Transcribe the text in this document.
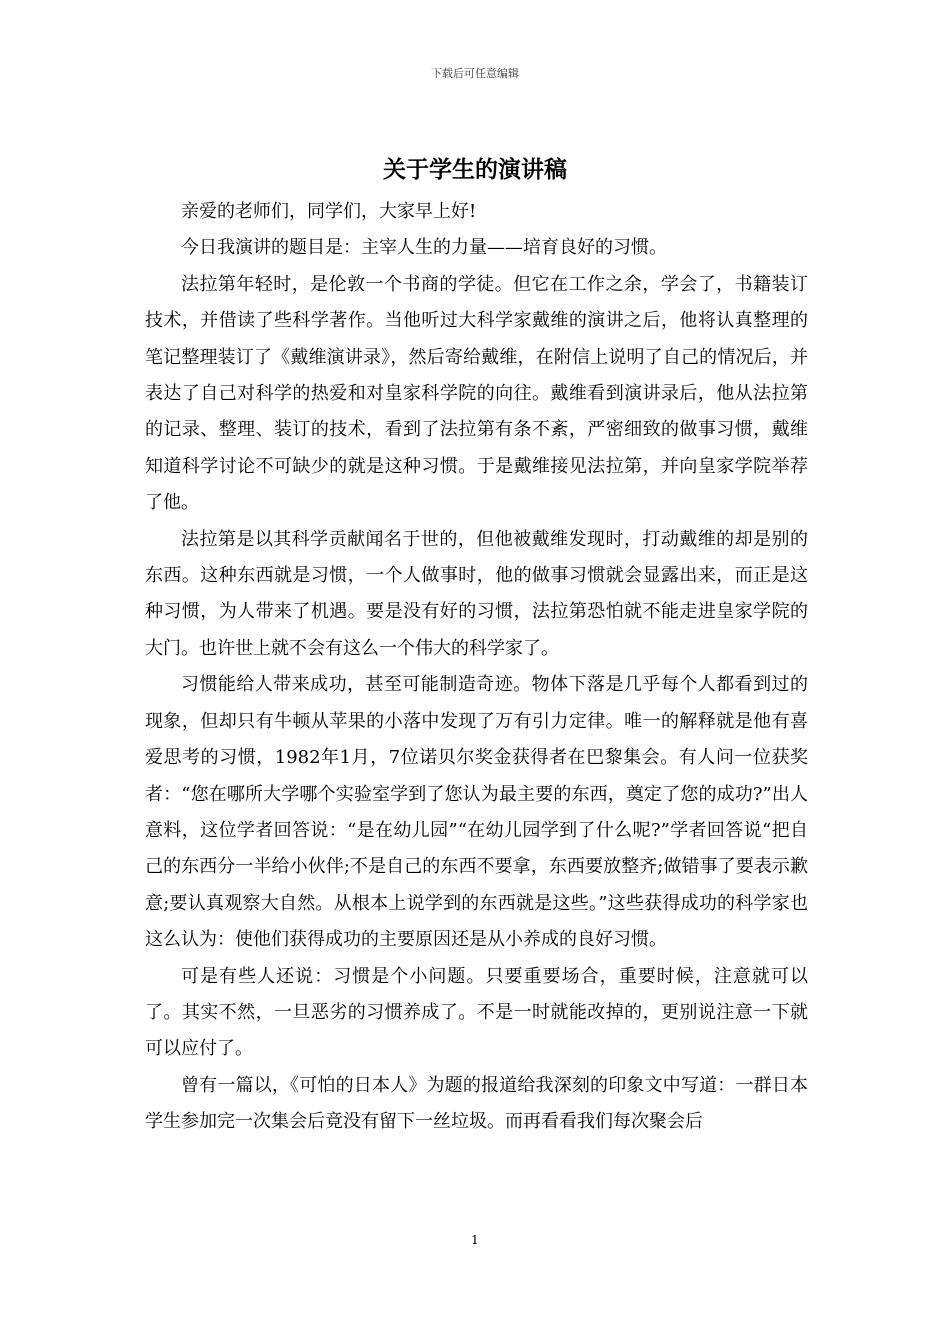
下载后可任意编辑
关于学生的演讲稿

亲爱的老师们，同学们，大家早上好!

今日我演讲的题目是：主宰人生的力量——培育良好的习惯。

法拉第年轻时，是伦敦一个书商的学徒。但它在工作之余，学会了，书籍装订技术，并借读了些科学著作。当他听过大科学家戴维的演讲之后，他将认真整理的笔记整理装订了《戴维演讲录》，然后寄给戴维，在附信上说明了自己的情况后，并表达了自己对科学的热爱和对皇家科学院的向往。戴维看到演讲录后，他从法拉第的记录、整理、装订的技术，看到了法拉第有条不紊，严密细致的做事习惯，戴维知道科学讨论不可缺少的就是这种习惯。于是戴维接见法拉第，并向皇家学院举荐了他。

法拉第是以其科学贡献闻名于世的，但他被戴维发现时，打动戴维的却是别的东西。这种东西就是习惯，一个人做事时，他的做事习惯就会显露出来，而正是这种习惯，为人带来了机遇。要是没有好的习惯，法拉第恐怕就不能走进皇家学院的大门。也许世上就不会有这么一个伟大的科学家了。

习惯能给人带来成功，甚至可能制造奇迹。物体下落是几乎每个人都看到过的现象，但却只有牛顿从苹果的小落中发现了万有引力定律。唯一的解释就是他有喜爱思考的习惯，1982年1月，7位诺贝尔奖金获得者在巴黎集会。有人问一位获奖者：“您在哪所大学哪个实验室学到了您认为最主要的东西，奠定了您的成功?”出人意料，这位学者回答说：“是在幼儿园”“在幼儿园学到了什么呢?”学者回答说“把自己的东西分一半给小伙伴;不是自己的东西不要拿，东西要放整齐;做错事了要表示歉意;要认真观察大自然。从根本上说学到的东西就是这些。”这些获得成功的科学家也这么认为：使他们获得成功的主要原因还是从小养成的良好习惯。

可是有些人还说：习惯是个小问题。只要重要场合，重要时候，注意就可以了。其实不然，一旦恶劣的习惯养成了。不是一时就能改掉的，更别说注意一下就可以应付了。

曾有一篇以，《可怕的日本人》为题的报道给我深刻的印象文中写道：一群日本学生参加完一次集会后竟没有留下一丝垃圾。而再看看我们每次聚会后

1
